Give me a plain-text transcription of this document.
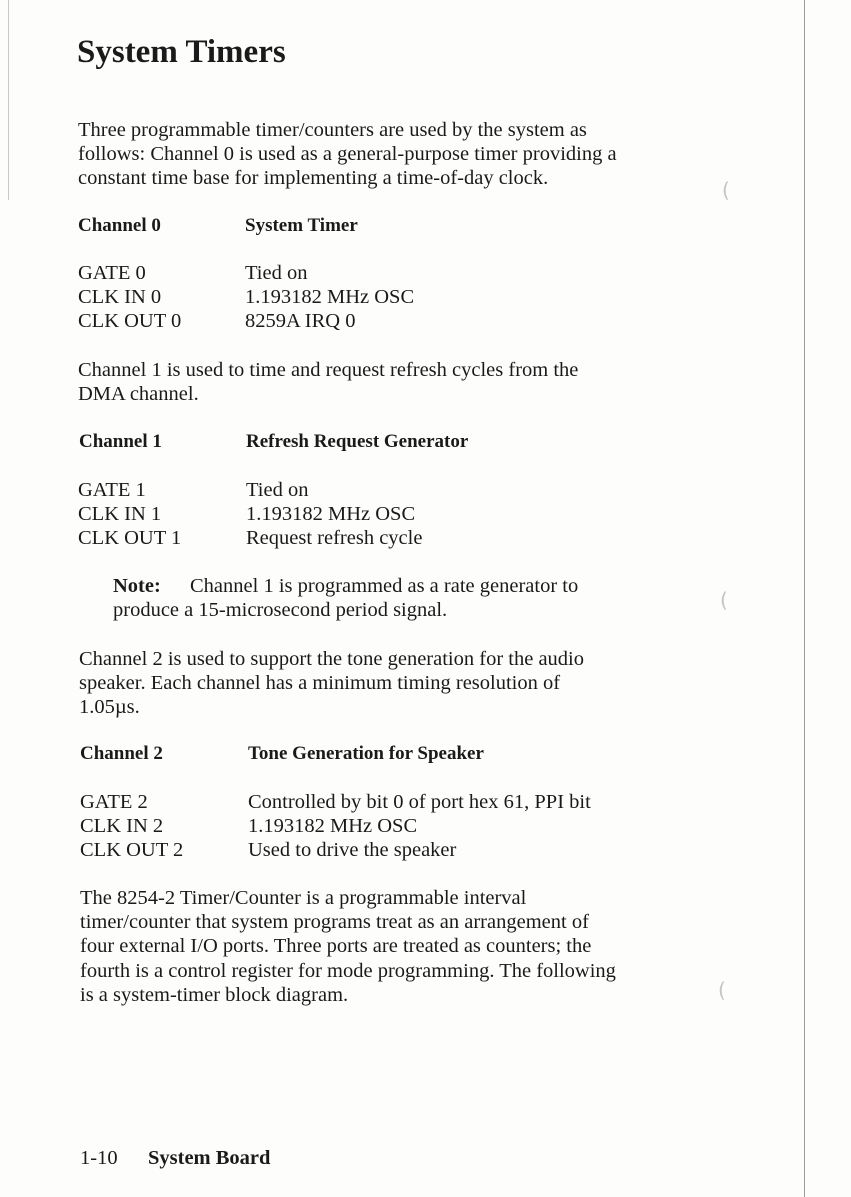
(
(
(
System Timers

Three programmable timer/counters are used by the system as
follows: Channel 0 is used as a general-purpose timer providing a
constant time base for implementing a time-of-day clock.

Channel 0	System Timer
GATE 0	Tied on
CLK IN 0	1.193182 MHz OSC
CLK OUT 0	8259A IRQ 0

Channel 1 is used to time and request refresh cycles from the
DMA channel.

Channel 1	Refresh Request Generator
GATE 1	Tied on
CLK IN 1	1.193182 MHz OSC
CLK OUT 1	Request refresh cycle
Note: Channel 1 is programmed as a rate generator to
produce a 15-microsecond period signal.

Channel 2 is used to support the tone generation for the audio
speaker. Each channel has a minimum timing resolution of
1.05µs.

Channel 2	Tone Generation for Speaker
GATE 2	Controlled by bit 0 of port hex 61, PPI bit
CLK IN 2	1.193182 MHz OSC
CLK OUT 2	Used to drive the speaker

The 8254-2 Timer/Counter is a programmable interval
timer/counter that system programs treat as an arrangement of
four external I/O ports. Three ports are treated as counters; the
fourth is a control register for mode programming. The following
is a system-timer block diagram.

1-10 System Board
